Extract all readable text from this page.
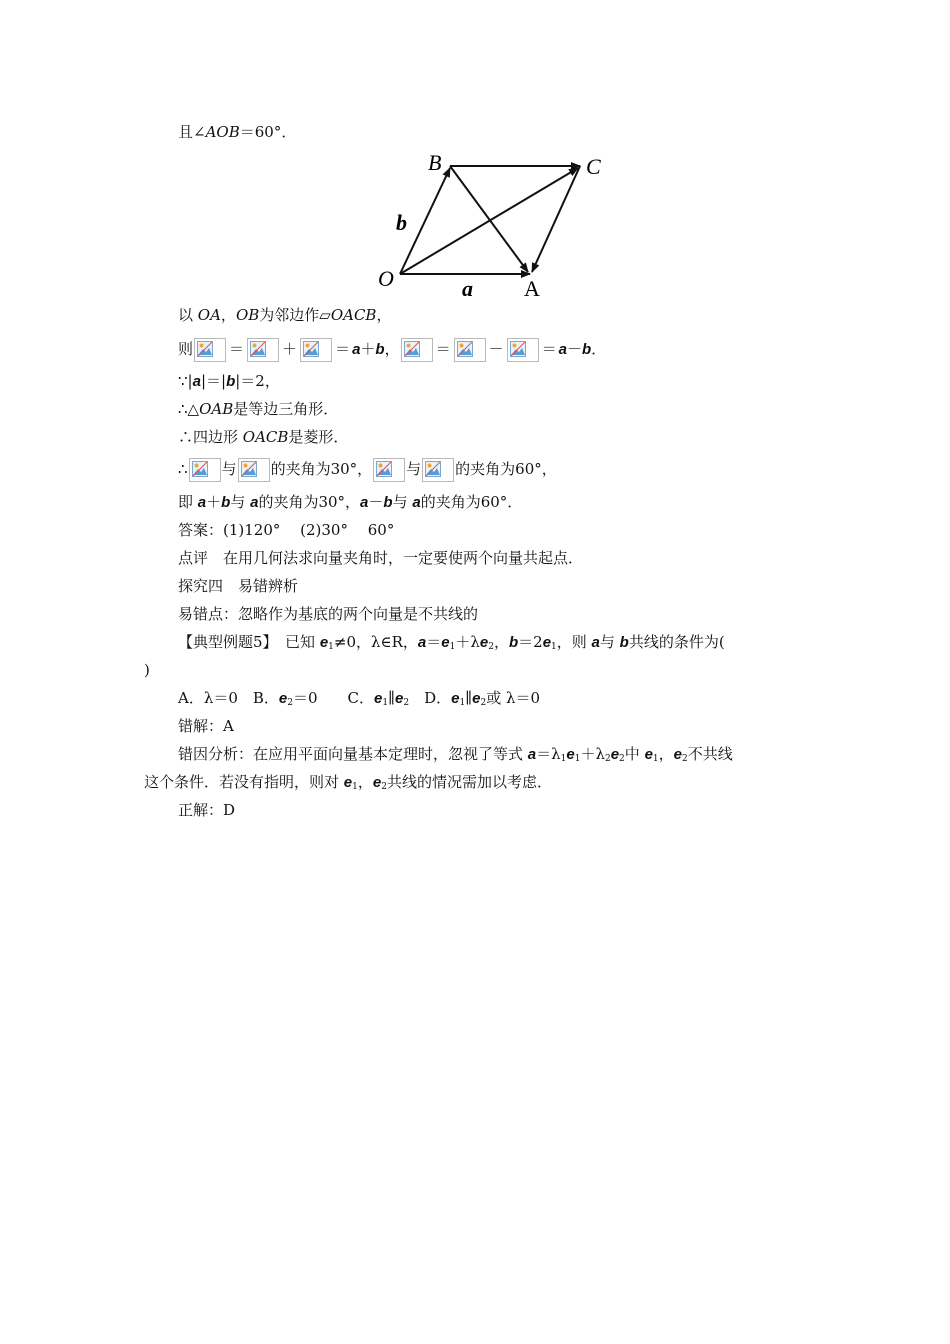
且∠AOB＝60°．
B	C
O	A
a
b
以 OA，OB为邻边作▱OACB，
则 ＝	＋	＝ a＋b， ＝	－	＝ a－b．
∵|a|＝|b|＝2，
∴△OAB是等边三角形．
∴四边形 OACB是菱形．
∴ 与 的夹角为30°， 与 的夹角为60°，
即 a＋b与 a的夹角为30°，a－b与 a的夹角为60°．
答案：(1)120°　 (2)30°　 60°
点评　在用几何法求向量夹角时，一定要使两个向量共起点．
探究四　易错辨析
易错点：忽略作为基底的两个向量是不共线的
【典型例题5】　已知 $e_1\ne 0$，λ∈R，$a=e_1+\lambda e_2$，$b=2e_1$，则 a与 b共线的条件为(
)
A．λ＝0　B．$e_2=0$　　C．$e_1\parallel e_2$　D．$e_1\parallel e_2$或 λ＝0
错解：A
错因分析：在应用平面向量基本定理时，忽视了等式 $a=\lambda_1e_1+\lambda_2e_2$中 $e_1$，$e_2$不共线
这个条件．若没有指明，则对 $e_1$，$e_2$共线的情况需加以考虑．
正解：D
